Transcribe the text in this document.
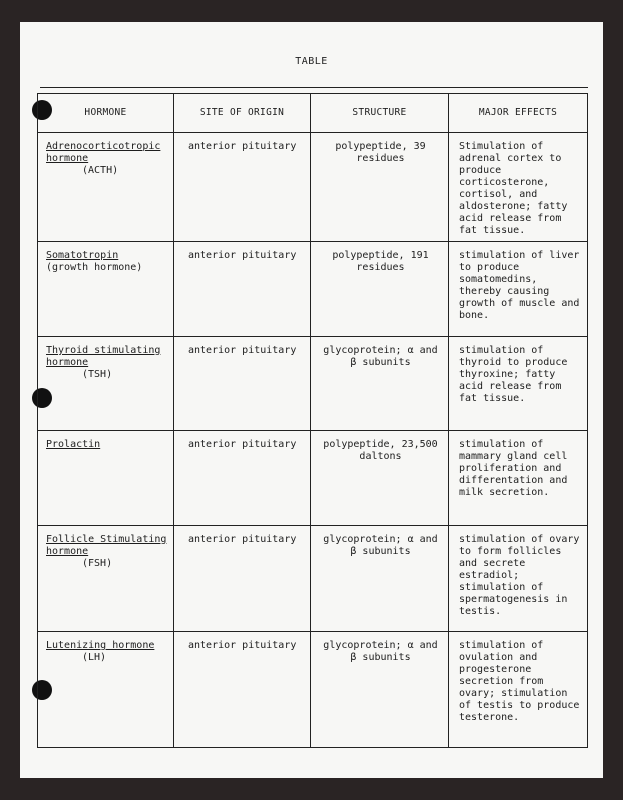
TABLE
HORMONE	SITE OF ORIGIN	STRUCTURE	MAJOR EFFECTS

Adrenocorticotropic hormone
(ACTH)	anterior pituitary	polypeptide, 39 residues	Stimulation of adrenal cortex to produce corticosterone, cortisol, and aldosterone; fatty acid release from fat tissue.

Somatotropin
(growth hormone)	anterior pituitary	polypeptide, 191 residues	stimulation of liver to produce somatomedins, thereby causing growth of muscle and bone.

Thyroid stimulating hormone
(TSH)	anterior pituitary	glycoprotein; α and β subunits	stimulation of thyroid to produce thyroxine; fatty acid release from fat tissue.

Prolactin	anterior pituitary	polypeptide, 23,500 daltons	stimulation of mammary gland cell proliferation and differentation and milk secretion.

Follicle Stimulating hormone
(FSH)	anterior pituitary	glycoprotein; α and β subunits	stimulation of ovary to form follicles and secrete estradiol; stimulation of spermatogenesis in testis.

Lutenizing hormone
(LH)	anterior pituitary	glycoprotein; α and β subunits	stimulation of ovulation and progesterone secretion from ovary; stimulation of testis to produce testerone.
